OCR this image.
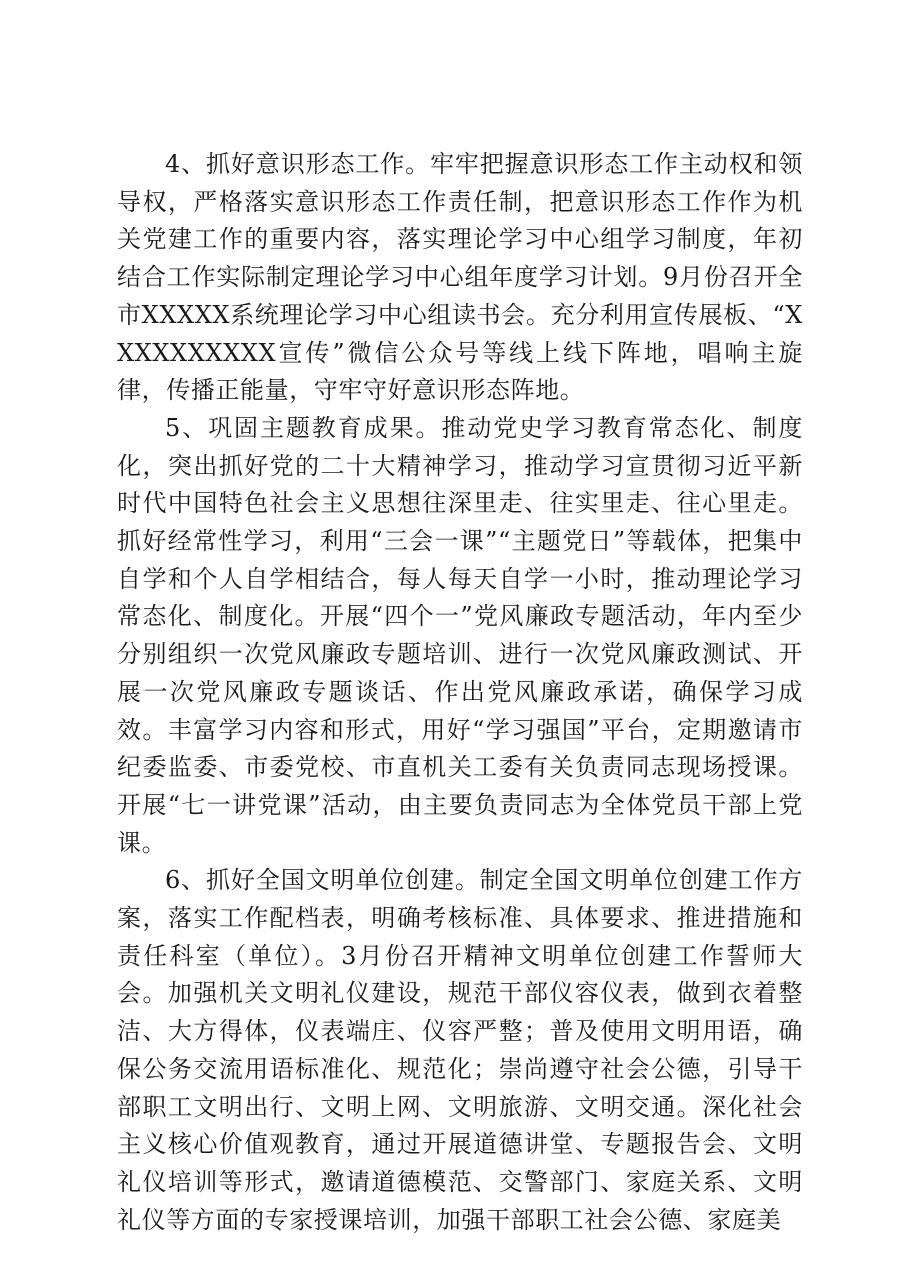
4、抓好意识形态工作。牢牢把握意识形态工作主动权和领导权，严格落实意识形态工作责任制，把意识形态工作作为机关党建工作的重要内容，落实理论学习中心组学习制度，年初结合工作实际制定理论学习中心组年度学习计划。9月份召开全市XXXXX系统理论学习中心组读书会。充分利用宣传展板、“XXXXXXXXXX宣传”微信公众号等线上线下阵地，唱响主旋律，传播正能量，守牢守好意识形态阵地。

5、巩固主题教育成果。推动党史学习教育常态化、制度化，突出抓好党的二十大精神学习，推动学习宣贯彻习近平新时代中国特色社会主义思想往深里走、往实里走、往心里走。抓好经常性学习，利用“三会一课”“主题党日”等载体，把集中自学和个人自学相结合，每人每天自学一小时，推动理论学习常态化、制度化。开展“四个一”党风廉政专题活动，年内至少分别组织一次党风廉政专题培训、进行一次党风廉政测试、开展一次党风廉政专题谈话、作出党风廉政承诺，确保学习成效。丰富学习内容和形式，用好“学习强国”平台，定期邀请市纪委监委、市委党校、市直机关工委有关负责同志现场授课。开展“七一讲党课”活动，由主要负责同志为全体党员干部上党课。

6、抓好全国文明单位创建。制定全国文明单位创建工作方案，落实工作配档表，明确考核标准、具体要求、推进措施和责任科室（单位）。3月份召开精神文明单位创建工作誓师大会。加强机关文明礼仪建设，规范干部仪容仪表，做到衣着整洁、大方得体，仪表端庄、仪容严整；普及使用文明用语，确保公务交流用语标准化、规范化；崇尚遵守社会公德，引导干部职工文明出行、文明上网、文明旅游、文明交通。深化社会主义核心价值观教育，通过开展道德讲堂、专题报告会、文明礼仪培训等形式，邀请道德模范、交警部门、家庭关系、文明礼仪等方面的专家授课培训，加强干部职工社会公德、家庭美
